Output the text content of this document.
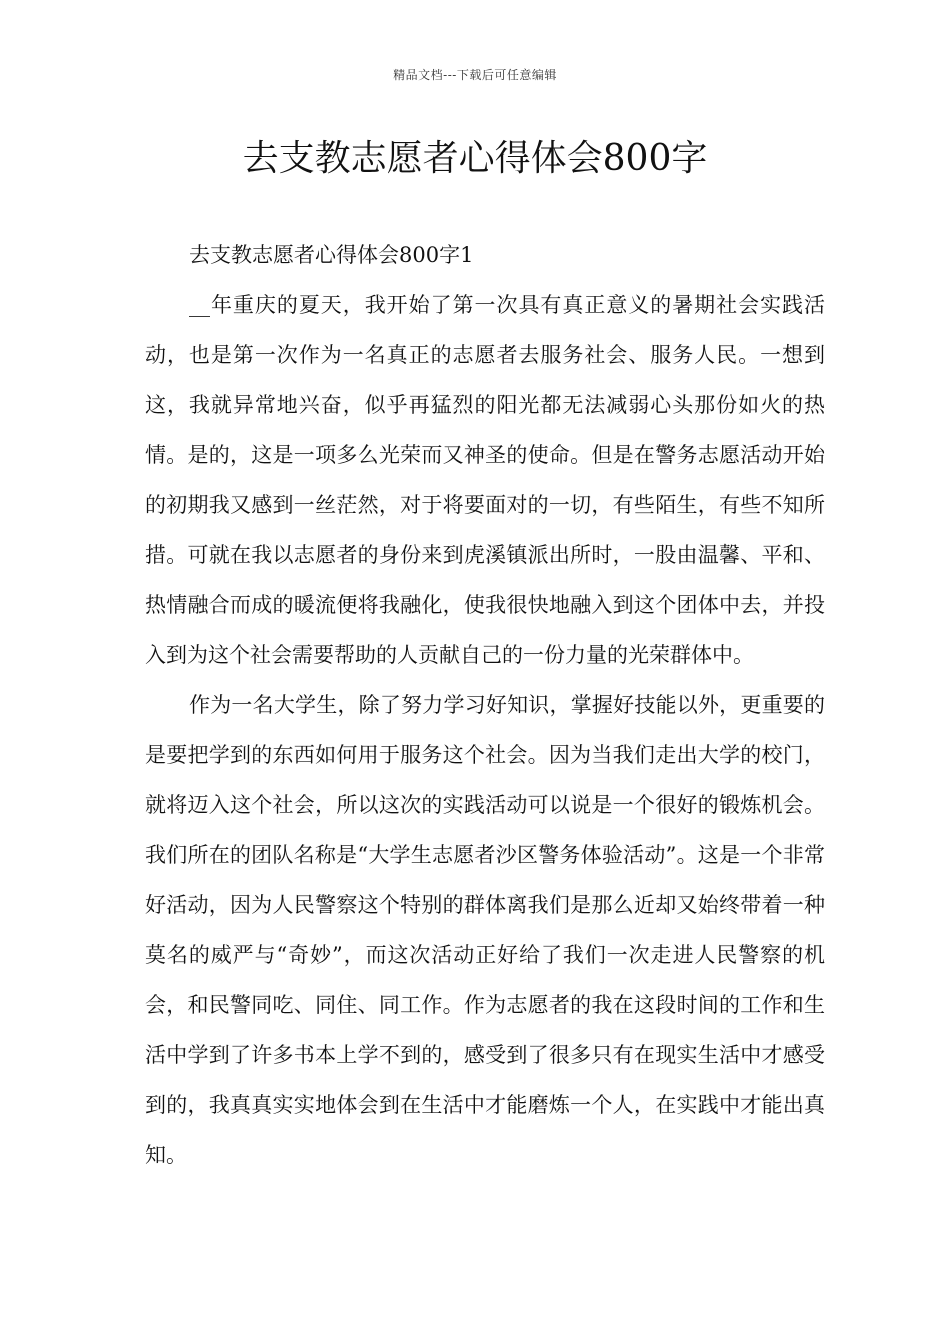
精品文档---下载后可任意编辑
去支教志愿者心得体会800字
去支教志愿者心得体会800字1

__年重庆的夏天，我开始了第一次具有真正意义的暑期社会实践活动，也是第一次作为一名真正的志愿者去服务社会、服务人民。一想到这，我就异常地兴奋，似乎再猛烈的阳光都无法减弱心头那份如火的热情。是的，这是一项多么光荣而又神圣的使命。但是在警务志愿活动开始的初期我又感到一丝茫然，对于将要面对的一切，有些陌生，有些不知所措。可就在我以志愿者的身份来到虎溪镇派出所时，一股由温馨、平和、热情融合而成的暖流便将我融化，使我很快地融入到这个团体中去，并投入到为这个社会需要帮助的人贡献自己的一份力量的光荣群体中。

作为一名大学生，除了努力学习好知识，掌握好技能以外，更重要的是要把学到的东西如何用于服务这个社会。因为当我们走出大学的校门，就将迈入这个社会，所以这次的实践活动可以说是一个很好的锻炼机会。我们所在的团队名称是“大学生志愿者沙区警务体验活动”。这是一个非常好活动，因为人民警察这个特别的群体离我们是那么近却又始终带着一种莫名的威严与“奇妙”，而这次活动正好给了我们一次走进人民警察的机会，和民警同吃、同住、同工作。作为志愿者的我在这段时间的工作和生活中学到了许多书本上学不到的，感受到了很多只有在现实生活中才感受到的，我真真实实地体会到在生活中才能磨炼一个人，在实践中才能出真知。
